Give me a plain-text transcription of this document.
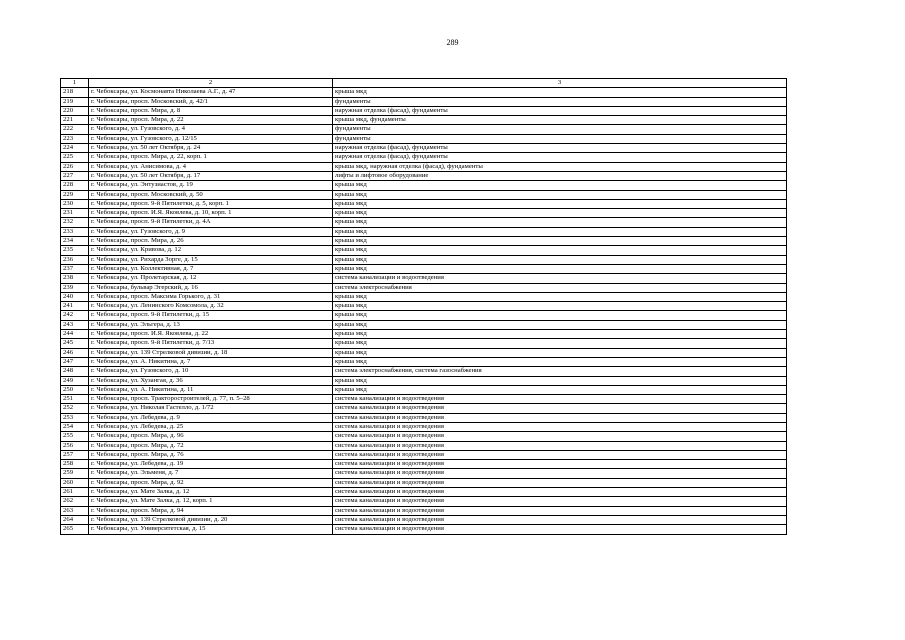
289
1	2	3
218	г. Чебоксары, ул. Космонавта Николаева А.Г., д. 47	крыша мкд
219	г. Чебоксары, просп. Московский, д. 42/1	фундаменты
220	г. Чебоксары, просп. Мира, д. 8	наружная отделка (фасад), фундаменты
221	г. Чебоксары, просп. Мира, д. 22	крыша мкд, фундаменты
222	г. Чебоксары, ул. Гузовского, д. 4	фундаменты
223	г. Чебоксары, ул. Гузовского, д. 12/15	фундаменты
224	г. Чебоксары, ул. 50 лет Октября, д. 24	наружная отделка (фасад), фундаменты
225	г. Чебоксары, просп. Мира, д. 22, корп. 1	наружная отделка (фасад), фундаменты
226	г. Чебоксары, ул. Анисимова, д. 4	крыша мкд, наружная отделка (фасад), фундаменты
227	г. Чебоксары, ул. 50 лет Октября, д. 17	лифты и лифтовое оборудование
228	г. Чебоксары, ул. Энтузиастов, д. 19	крыша мкд
229	г. Чебоксары, просп. Московский, д. 50	крыша мкд
230	г. Чебоксары, просп. 9-й Пятилетки, д. 5, корп. 1	крыша мкд
231	г. Чебоксары, просп. И.Я. Яковлева, д. 10, корп. 1	крыша мкд
232	г. Чебоксары, просп. 9-й Пятилетки, д. 4А	крыша мкд
233	г. Чебоксары, ул. Гузовского, д. 9	крыша мкд
234	г. Чебоксары, просп. Мира, д. 26	крыша мкд
235	г. Чебоксары, ул. Кривова, д. 12	крыша мкд
236	г. Чебоксары, ул. Рихарда Зорге, д. 15	крыша мкд
237	г. Чебоксары, ул. Коллективная, д. 7	крыша мкд
238	г. Чебоксары, ул. Пролетарская, д. 12	система канализации и водоотведения
239	г. Чебоксары, бульвар Эгерский, д. 16	система электроснабжения
240	г. Чебоксары, просп. Максима Горького, д. 31	крыша мкд
241	г. Чебоксары, ул. Ленинского Комсомола, д. 32	крыша мкд
242	г. Чебоксары, просп. 9-й Пятилетки, д. 15	крыша мкд
243	г. Чебоксары, ул. Эльгера, д. 13	крыша мкд
244	г. Чебоксары, просп. И.Я. Яковлева, д. 22	крыша мкд
245	г. Чебоксары, просп. 9-й Пятилетки, д. 7/13	крыша мкд
246	г. Чебоксары, ул. 139 Стрелковой дивизии, д. 18	крыша мкд
247	г. Чебоксары, ул. А. Никитина, д. 7	крыша мкд
248	г. Чебоксары, ул. Гузовского, д. 10	система электроснабжения, система газоснабжения
249	г. Чебоксары, ул. Хузангая, д. 36	крыша мкд
250	г. Чебоксары, ул. А. Никитина, д. 11	крыша мкд
251	г. Чебоксары, просп. Тракторостроителей, д. 77, п. 5–28	система канализации и водоотведения
252	г. Чебоксары, ул. Николая Гастелло, д. 1/72	система канализации и водоотведения
253	г. Чебоксары, ул. Лебедева, д. 9	система канализации и водоотведения
254	г. Чебоксары, ул. Лебедева, д. 25	система канализации и водоотведения
255	г. Чебоксары, просп. Мира, д. 96	система канализации и водоотведения
256	г. Чебоксары, просп. Мира, д. 72	система канализации и водоотведения
257	г. Чебоксары, просп. Мира, д. 76	система канализации и водоотведения
258	г. Чебоксары, ул. Лебедева, д. 19	система канализации и водоотведения
259	г. Чебоксары, ул. Эльменя, д. 7	система канализации и водоотведения
260	г. Чебоксары, просп. Мира, д. 92	система канализации и водоотведения
261	г. Чебоксары, ул. Мате Залка, д. 12	система канализации и водоотведения
262	г. Чебоксары, ул. Мате Залка, д. 12, корп. 1	система канализации и водоотведения
263	г. Чебоксары, просп. Мира, д. 94	система канализации и водоотведения
264	г. Чебоксары, ул. 139 Стрелковой дивизии, д. 20	система канализации и водоотведения
265	г. Чебоксары, ул. Университетская, д. 15	система канализации и водоотведения
